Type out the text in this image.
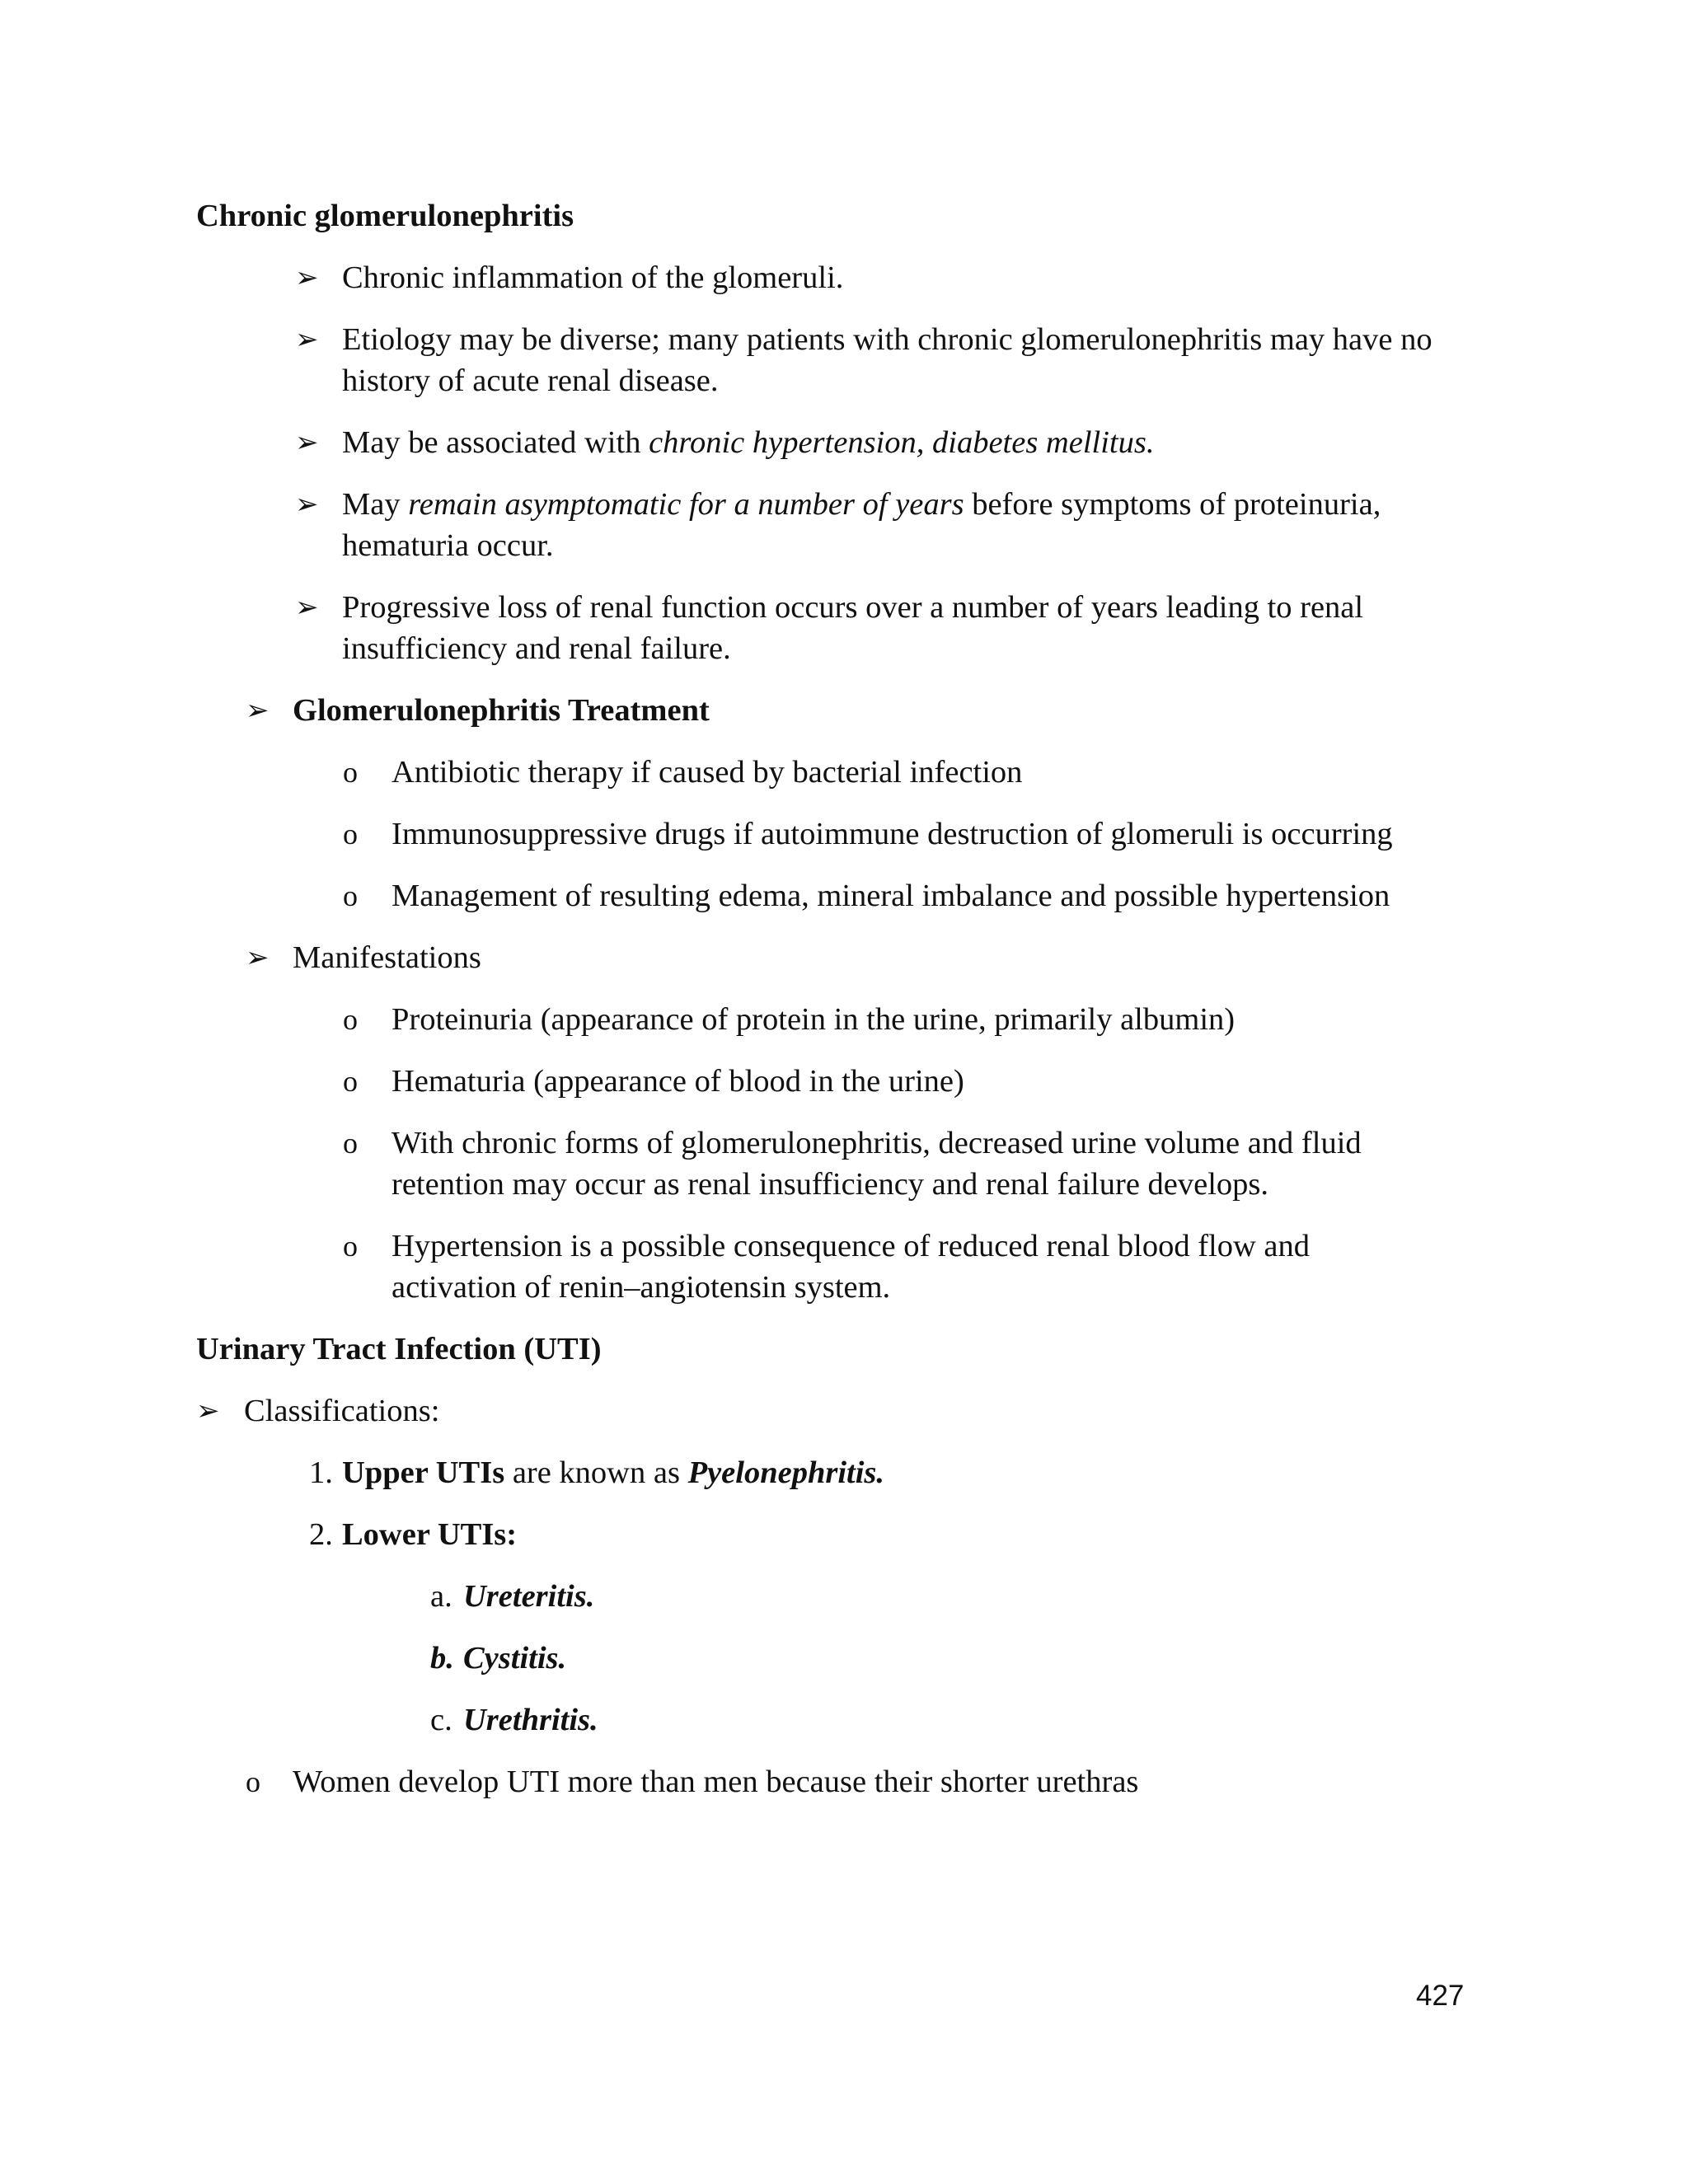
Chronic glomerulonephritis
➢ Chronic inflammation of the glomeruli.
➢ Etiology may be diverse; many patients with chronic glomerulonephritis may have no
history of acute renal disease.
➢ May be associated with chronic hypertension, diabetes mellitus.
➢ May remain asymptomatic for a number of years before symptoms of proteinuria,
hematuria occur.
➢ Progressive loss of renal function occurs over a number of years leading to renal
insufficiency and renal failure.
➢ Glomerulonephritis Treatment
o Antibiotic therapy if caused by bacterial infection
o Immunosuppressive drugs if autoimmune destruction of glomeruli is occurring
o Management of resulting edema, mineral imbalance and possible hypertension
➢ Manifestations
o Proteinuria (appearance of protein in the urine, primarily albumin)
o Hematuria (appearance of blood in the urine)
o With chronic forms of glomerulonephritis, decreased urine volume and fluid
retention may occur as renal insufficiency and renal failure develops.
o Hypertension is a possible consequence of reduced renal blood flow and
activation of renin–angiotensin system.
Urinary Tract Infection (UTI)
➢ Classifications:
1. Upper UTIs are known as Pyelonephritis.
2. Lower UTIs:
a. Ureteritis.
b. Cystitis.
c. Urethritis.
o Women develop UTI more than men because their shorter urethras
427
